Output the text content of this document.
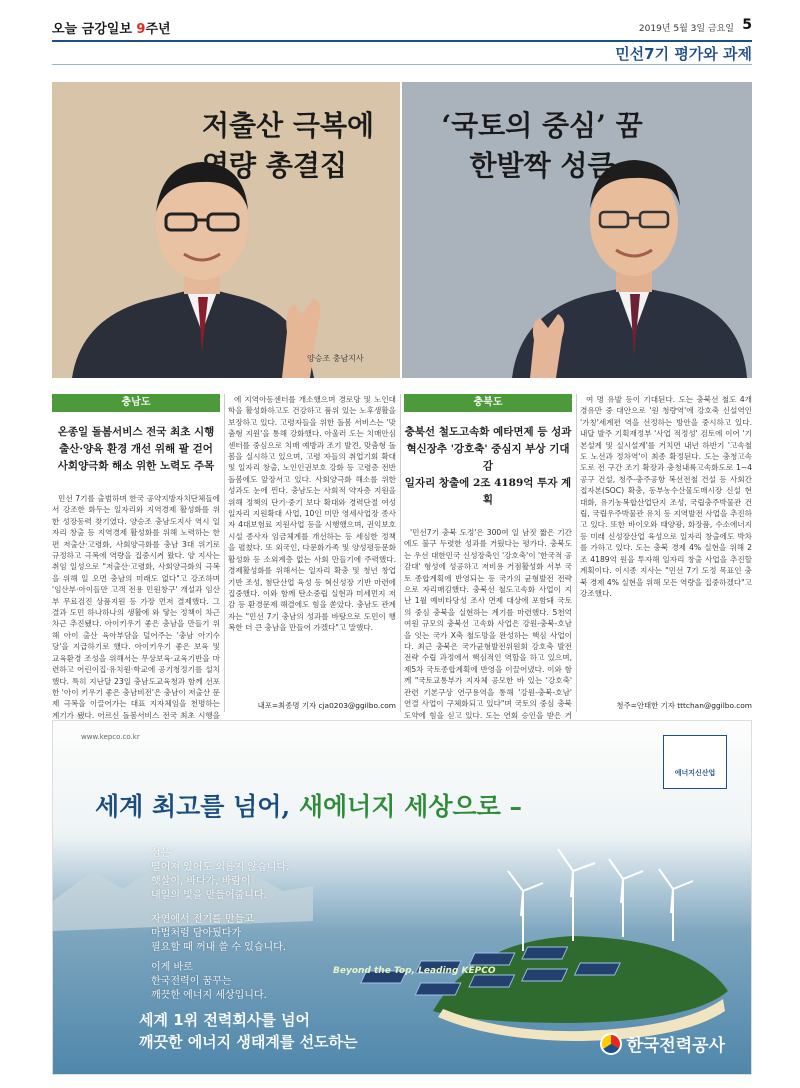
오늘 금강일보 9주년	2019년 5월 3일 금요일 5
민선7기 평가와 과제
저출산 극복에
역량 총결집
양승조 충남지사
‘국토의 중심’ 꿈
한발짝 성큼
이시종 충북지사
충남도
온종일 돌봄서비스 전국 최초 시행
출산·양육 환경 개선 위해 팔 걷어
사회양극화 해소 위한 노력도 주목

민선 7기를 출범하며 한국 공약지방자치단체들에서 강조한 화두는 일자리와 지역경제 활성화를 위한 성장동력 찾기였다. 양승조 충남도지사 역시 일자리 창출 등 지역경제 활성화를 위해 노력하는 한편 저출산·고령화, 사회양극화를 충남 3대 위기로 규정하고 극복에 역량을 집중시켜 왔다. 양 지사는 취임 일성으로 "저출산·고령화, 사회양극화의 극복을 위해 일 오면 충남의 미래도 없다"고 강조하며 '임산부·아이들만 고객 전용 민원창구' 개설과 임산부 무료검진 상품지원 등 가장 먼저 결제했다. 그 결과 도민 하나하나의 생활에 와 닿는 정책이 차근차근 추진됐다. 아이키우기 좋은 충남을 만들기 위해 아이 출산 육아부담을 덜어주는 '충남 아기수당'을 지급하기로 했다. 아이키우기 좋은 보육 및 교육환경 조성을 위해서는 무상보육·교육기반을 마련하고 어린이집·유치원·학교에 공기청정기를 설치했다. 특히 지난달 23일 충남도교육청과 함께 선포한 '아이 키우기 좋은 충남비전'은 충남이 저출산 문제 극복을 이끌어가는 대표 지자체임을 천명하는 계기가 됐다. 어르신 돌봄서비스 전국 최초 시행을

에 지역아동센터를 개소했으며 경로당 및 노인대학을 활성화하고도 건강하고 품위 있는 노후생활을 보장하고 있다. 고령자들을 위한 돌봄 서비스는 '맞춤형 지원'을 통해 강화했다. 아울러 도는 치매안심센터를 중심으로 치매 예방과 조기 발견, 맞춤형 돌봄을 실시하고 있으며, 고령 자들의 취업기회 확대 및 일자리 창출, 노인인권보호 강화 등 고령층 전반 돌봄에도 앞장서고 있다. 사회양극화 해소를 위한 성과도 눈에 띈다. 충남도는 사회적 약자층 지원을 위해 정책의 단기·중기 보다 확대와 경력단절 여성 일자리 지원확대 사업, 10인 미만 영세사업장 종사자 4대보험료 지원사업 등을 시행했으며, 권익보호시설 종사자 임금체계를 개선하는 등 세심한 정책을 펼쳤다. 또 외국인, 다문화가족 및 양성평등문화 활성화 등 소외계층 없는 사회 만들기에 주력했다. 경제활성화를 위해서는 일자리 확충 및 청년 창업 기반 조성, 첨단산업 육성 등 혁신성장 기반 마련에 집중했다. 이와 함께 탄소중립 실현과 미세먼지 저감 등 환경문제 해결에도 힘을 쏟았다. 충남도 관계자는 "민선 7기 충남의 성과를 바탕으로 도민이 행복한 더 큰 충남을 만들어 가겠다"고 말했다.

내포=최종명 기자 cja0203@ggilbo.com
충북도
충북선 철도고속화 예타면제 등 성과
혁신장추 '강호축' 중심지 부상 기대감
일자리 창출에 2조 4189억 투자 계획

'민선7기 충북 도정'은 300여 일 남짓 짧은 기간에도 불구 두렷한 성과를 거뒀다는 평가다. 충북도는 우선 대한민국 신성장축인 '강호축'이 '한국적 공감대' 형성에 성공하고 저비용 거점활성화 서부 국토 종합계획에 반영되는 등 국가의 균형발전 전략으로 자리매김했다. 충북선 철도고속화 사업이 지난 1월 예비타당성 조사 면제 대상에 포함돼 국토의 중심 충북을 실현하는 계기를 마련했다. 5천억여원 규모의 충북선 고속화 사업은 강원-충북-호남을 잇는 국가 X축 철도망을 완성하는 핵심 사업이다. 최근 충북은 국가균형발전위원회 강호축 발전전략 수립 과정에서 핵심적인 역할을 하고 있으며, 제5차 국토종합계획에 반영을 이끌어냈다. 이와 함께 "국토교통부가 지자체 공모한 바 있는 '강호축' 관련 기본구상 연구용역을 통해 '강원-충북-호남' 연결 사업이 구체화되고 있다"며 국토의 중심 충북 도약에 힘을 싣고 있다. 도는 연회 승인을 받은 거

여 명 유발 등이 기대된다. 도는 충북선 철도 4개 경유만 중 대안으로 '원 청량역'에 강호축 신설역인 '가칭'세계편 역을 선정하는 방안을 중시하고 있다. 내달 발주 기획재정부 '사업 적정성' 검토에 이어 '기본설계 및 실시설계'를 거치면 내년 하반기 '고속철도 노선과 정차역'이 최종 확정된다. 도는 충청고속도로 전 구간 조기 확장과 충청내륙고속화도로 1~4공구 건설, 청주-충주공항 복선전철 건설 등 사회간접자본(SOC) 확충, 동부농수산물도매시장 신설 현대화, 유기농복합산업단지 조성, 국립충주박물관 건립, 국립우주박물관 유치 등 지역발전 사업을 추진하고 있다. 또한 바이오와 태양광, 화장품, 수소에너지 등 미래 신성장산업 육성으로 일자리 창출에도 박차를 가하고 있다. 도는 충북 경제 4% 실현을 위해 2조 4189억 원을 투자해 일자리 창출 사업을 추진할 계획이다. 이시종 지사는 "민선 7기 도정 목표인 충북 경제 4% 실현을 위해 모든 역량을 집중하겠다"고 강조했다.

청주=안태한 기자 tttchan@ggilbo.com
www.kepco.co.kr
에너지신산업
세계 최고를 넘어, 새에너지 세상으로 –
섬은
떨어져 있어도 외롭지 않습니다.
햇살이, 바다가, 바람이
내일의 빛을 만들어줍니다.
자연에서 전기를 만들고
마법처럼 담아뒀다가
필요할 때 꺼내 쓸 수 있습니다.
이게 바로
한국전력이 꿈꾸는
깨끗한 에너지 세상입니다.
Beyond the Top, Leading KEPCO
세계 1위 전력회사를 넘어
깨끗한 에너지 생태계를 선도하는	한국전력공사
